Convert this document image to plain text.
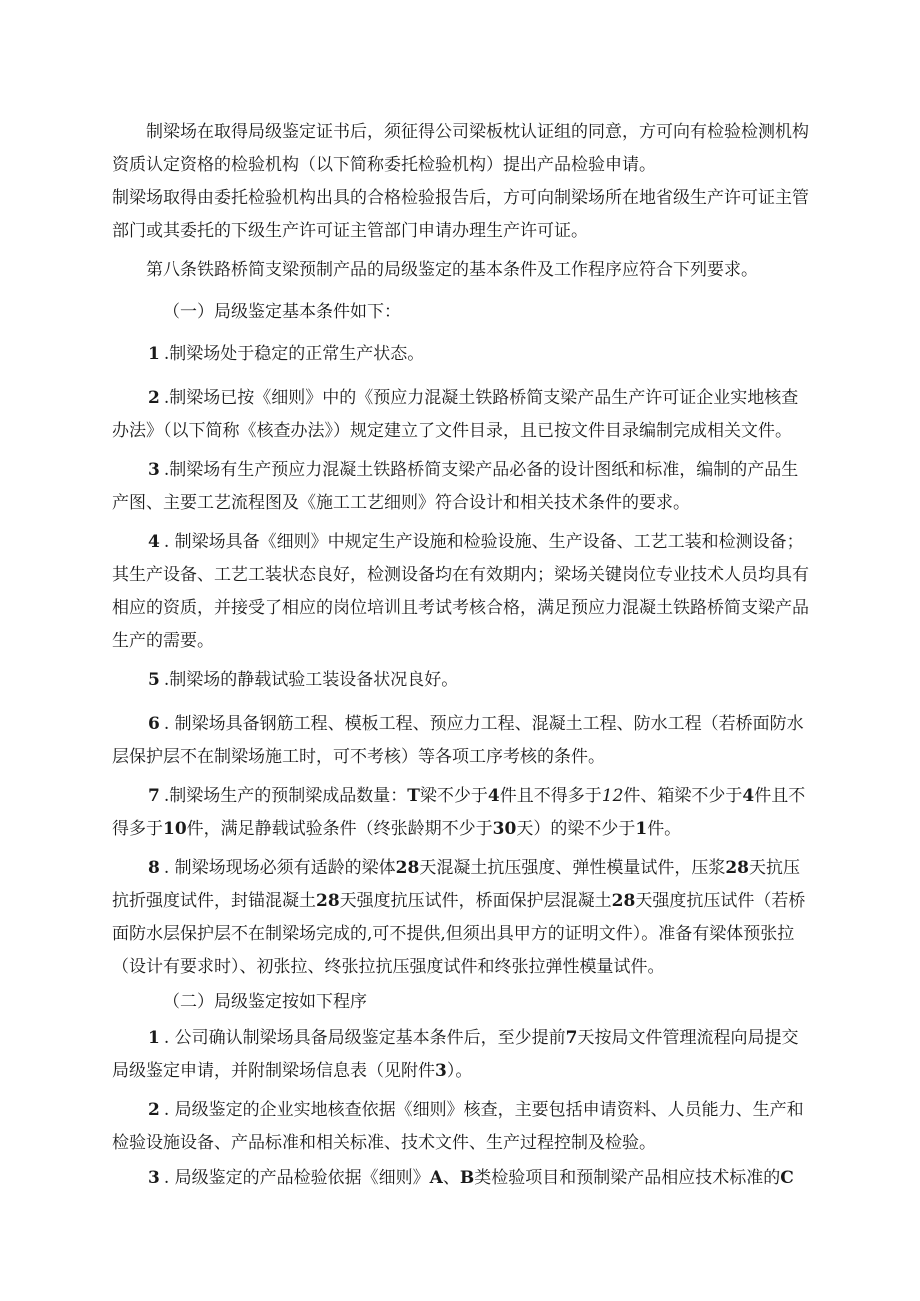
制梁场在取得局级鉴定证书后，须征得公司梁板枕认证组的同意，方可向有检验检测机构资质认定资格的检验机构（以下简称委托检验机构）提出产品检验申请。

制梁场取得由委托检验机构出具的合格检验报告后，方可向制梁场所在地省级生产许可证主管部门或其委托的下级生产许可证主管部门申请办理生产许可证。

第八条铁路桥简支梁预制产品的局级鉴定的基本条件及工作程序应符合下列要求。

（一）局级鉴定基本条件如下：

1 .制梁场处于稳定的正常生产状态。

2 .制梁场已按《细则》中的《预应力混凝土铁路桥简支梁产品生产许可证企业实地核查办法》（以下简称《核查办法》）规定建立了文件目录，且已按文件目录编制完成相关文件。

3 .制梁场有生产预应力混凝土铁路桥简支梁产品必备的设计图纸和标准，编制的产品生产图、主要工艺流程图及《施工工艺细则》符合设计和相关技术条件的要求。

4 . 制梁场具备《细则》中规定生产设施和检验设施、生产设备、工艺工装和检测设备；其生产设备、工艺工装状态良好，检测设备均在有效期内；梁场关键岗位专业技术人员均具有相应的资质，并接受了相应的岗位培训且考试考核合格，满足预应力混凝土铁路桥简支梁产品生产的需要。

5 .制梁场的静载试验工装设备状况良好。

6 . 制梁场具备钢筋工程、模板工程、预应力工程、混凝土工程、防水工程（若桥面防水层保护层不在制梁场施工时，可不考核）等各项工序考核的条件。

7 .制梁场生产的预制梁成品数量：T梁不少于4件且不得多于12件、箱梁不少于4件且不得多于10件，满足静载试验条件（终张龄期不少于30天）的梁不少于1件。

8 . 制梁场现场必须有适龄的梁体28天混凝土抗压强度、弹性模量试件，压浆28天抗压抗折强度试件，封锚混凝土28天强度抗压试件，桥面保护层混凝土28天强度抗压试件（若桥面防水层保护层不在制梁场完成的,可不提供,但须出具甲方的证明文件）。准备有梁体预张拉（设计有要求时）、初张拉、终张拉抗压强度试件和终张拉弹性模量试件。

（二）局级鉴定按如下程序

1 . 公司确认制梁场具备局级鉴定基本条件后，至少提前7天按局文件管理流程向局提交局级鉴定申请，并附制梁场信息表（见附件3）。

2 . 局级鉴定的企业实地核查依据《细则》核查，主要包括申请资料、人员能力、生产和检验设施设备、产品标准和相关标准、技术文件、生产过程控制及检验。

3 . 局级鉴定的产品检验依据《细则》A、B类检验项目和预制梁产品相应技术标准的C
